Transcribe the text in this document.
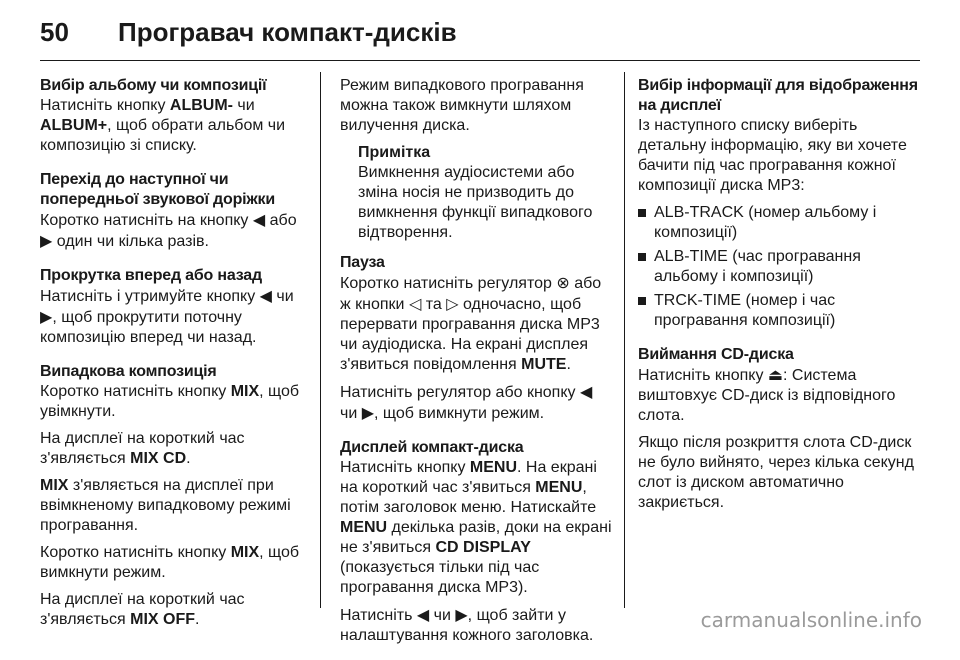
50	Програвач компакт-дисків
Вибір альбому чи композиції
Натисніть кнопку ALBUM- чи ALBUM+, щоб обрати альбом чи композицію зі списку.
Перехід до наступної чи попередньої звукової доріжки
Коротко натисніть на кнопку ◀ або ▶ один чи кілька разів.
Прокрутка вперед або назад
Натисніть і утримуйте кнопку ◀ чи ▶, щоб прокрутити поточну композицію вперед чи назад.
Випадкова композиція
Коротко натисніть кнопку MIX, щоб увімкнути.
На дисплеї на короткий час з'являється MIX CD.
MIX з'являється на дисплеї при ввімкненому випадковому режимі програвання.
Коротко натисніть кнопку MIX, щоб вимкнути режим.
На дисплеї на короткий час з'являється MIX OFF.
Режим випадкового програвання можна також вимкнути шляхом вилучення диска.
Примітка
Вимкнення аудіосистеми або зміна носія не призводить до вимкнення функції випадкового відтворення.
Пауза
Коротко натисніть регулятор ⊗ або ж кнопки ◁ та ▷ одночасно, щоб перервати програвання диска MP3 чи аудіодиска. На екрані дисплея з'явиться повідомлення MUTE.
Натисніть регулятор або кнопку ◀ чи ▶, щоб вимкнути режим.
Дисплей компакт-диска
Натисніть кнопку MENU. На екрані на короткий час з'явиться MENU, потім заголовок меню. Натискайте MENU декілька разів, доки на екрані не з'явиться CD DISPLAY (показується тільки під час програвання диска MP3).
Натисніть ◀ чи ▶, щоб зайти у налаштування кожного заголовка.
Вибір інформації для відображення на дисплеї
Із наступного списку виберіть детальну інформацію, яку ви хочете бачити під час програвання кожної композиції диска MP3:
ALB-TRACK (номер альбому і композиції)
ALB-TIME (час програвання альбому і композиції)
TRCK-TIME (номер і час програвання композиції)
Виймання CD-диска
Натисніть кнопку ⏏: Система виштовхує CD-диск із відповідного слота.
Якщо після розкриття слота CD-диск не було вийнято, через кілька секунд слот із диском автоматично закриється.
carmanualsonline.info
